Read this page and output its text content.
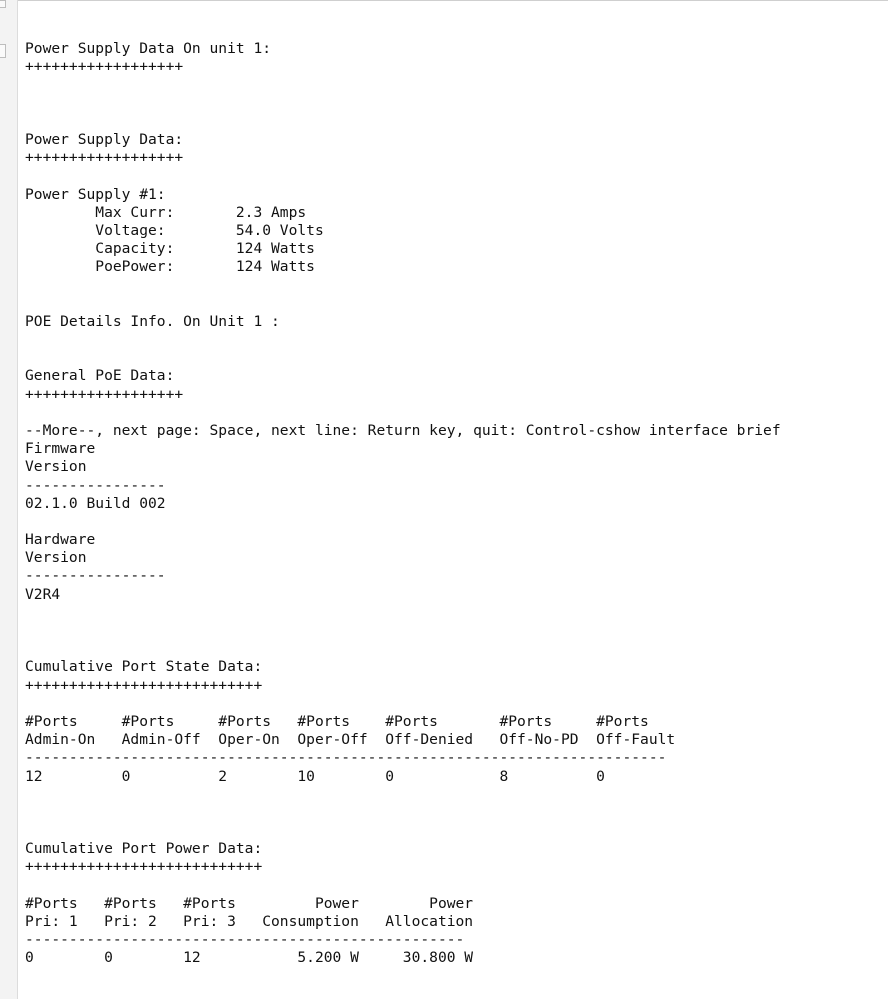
Power Supply Data On unit 1:
++++++++++++++++++
Power Supply Data:
++++++++++++++++++
Power Supply #1:
Max Curr:       2.3 Amps
Voltage:        54.0 Volts
Capacity:       124 Watts
PoePower:       124 Watts
POE Details Info. On Unit 1 :
General PoE Data:
++++++++++++++++++
--More--, next page: Space, next line: Return key, quit: Control-cshow interface brief
Firmware
Version
----------------
02.1.0 Build 002
Hardware
Version
----------------
V2R4
Cumulative Port State Data:
+++++++++++++++++++++++++++
#Ports     #Ports     #Ports   #Ports    #Ports       #Ports     #Ports
Admin-On   Admin-Off  Oper-On  Oper-Off  Off-Denied   Off-No-PD  Off-Fault
-------------------------------------------------------------------------
12         0          2        10        0            8          0
Cumulative Port Power Data:
+++++++++++++++++++++++++++
#Ports   #Ports   #Ports         Power        Power
Pri: 1   Pri: 2   Pri: 3   Consumption   Allocation
--------------------------------------------------
0        0        12           5.200 W     30.800 W
